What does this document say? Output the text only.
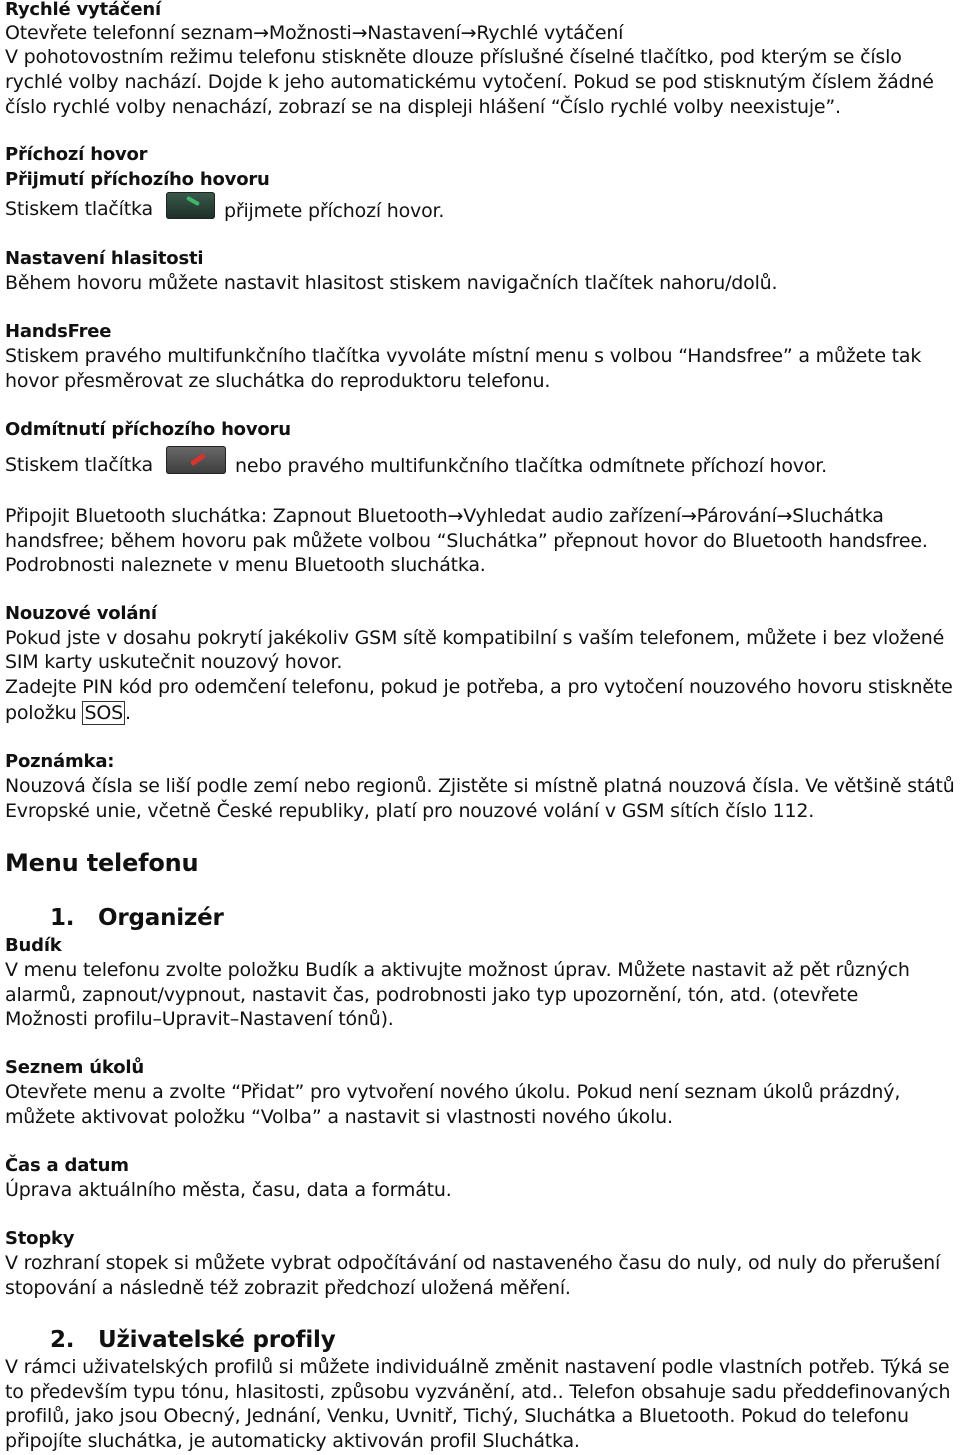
Rychlé vytáčení
Otevřete telefonní seznam→Možnosti→Nastavení→Rychlé vytáčení
V pohotovostním režimu telefonu stiskněte dlouze příslušné číselné tlačítko, pod kterým se číslo
rychlé volby nachází. Dojde k jeho automatickému vytočení. Pokud se pod stisknutým číslem žádné
číslo rychlé volby nenachází, zobrazí se na displeji hlášení “Číslo rychlé volby neexistuje”.
Příchozí hovor
Přijmutí příchozího hovoru
Stiskem tlačítka	přijmete příchozí hovor.
Nastavení hlasitosti
Během hovoru můžete nastavit hlasitost stiskem navigačních tlačítek nahoru/dolů.
HandsFree
Stiskem pravého multifunkčního tlačítka vyvoláte místní menu s volbou “Handsfree” a můžete tak
hovor přesměrovat ze sluchátka do reproduktoru telefonu.
Odmítnutí příchozího hovoru
Stiskem tlačítka	nebo pravého multifunkčního tlačítka odmítnete příchozí hovor.
Připojit Bluetooth sluchátka: Zapnout Bluetooth→Vyhledat audio zařízení→Párování→Sluchátka
handsfree; během hovoru pak můžete volbou “Sluchátka” přepnout hovor do Bluetooth handsfree.
Podrobnosti naleznete v menu Bluetooth sluchátka.
Nouzové volání
Pokud jste v dosahu pokrytí jakékoliv GSM sítě kompatibilní s vaším telefonem, můžete i bez vložené
SIM karty uskutečnit nouzový hovor.
Zadejte PIN kód pro odemčení telefonu, pokud je potřeba, a pro vytočení nouzového hovoru stiskněte
položku SOS .
Poznámka:
Nouzová čísla se liší podle zemí nebo regionů. Zjistěte si místně platná nouzová čísla. Ve většině států
Evropské unie, včetně České republiky, platí pro nouzové volání v GSM sítích číslo 112.
Menu telefonu
1. Organizér
Budík
V menu telefonu zvolte položku Budík a aktivujte možnost úprav. Můžete nastavit až pět různých
alarmů, zapnout/vypnout, nastavit čas, podrobnosti jako typ upozornění, tón, atd. (otevřete
Možnosti profilu–Upravit–Nastavení tónů).
Seznem úkolů
Otevřete menu a zvolte “Přidat” pro vytvoření nového úkolu. Pokud není seznam úkolů prázdný,
můžete aktivovat položku “Volba” a nastavit si vlastnosti nového úkolu.
Čas a datum
Úprava aktuálního města, času, data a formátu.
Stopky
V rozhraní stopek si můžete vybrat odpočítávání od nastaveného času do nuly, od nuly do přerušení
stopování a následně též zobrazit předchozí uložená měření.
2. Uživatelské profily
V rámci uživatelských profilů si můžete individuálně změnit nastavení podle vlastních potřeb. Týká se
to především typu tónu, hlasitosti, způsobu vyzvánění, atd.. Telefon obsahuje sadu předdefinovaných
profilů, jako jsou Obecný, Jednání, Venku, Uvnitř, Tichý, Sluchátka a Bluetooth. Pokud do telefonu
připojíte sluchátka, je automaticky aktivován profil Sluchátka.
